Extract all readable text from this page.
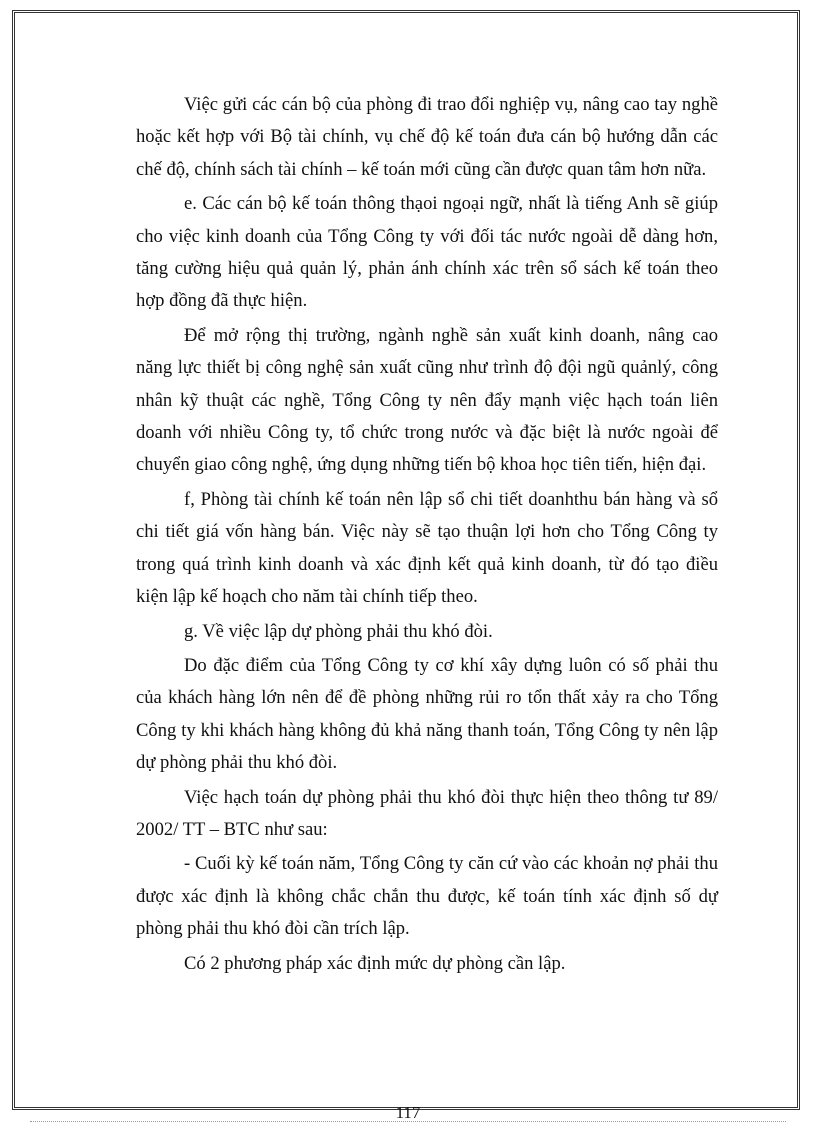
Việc gửi các cán bộ của phòng đi trao đổi nghiệp vụ, nâng cao tay nghề hoặc kết hợp với Bộ tài chính, vụ chế độ kế toán đưa cán bộ hướng dẫn các chế độ, chính sách tài chính – kế toán mới cũng cần được quan tâm hơn nữa.

e. Các cán bộ kế toán thông thạoi ngoại ngữ, nhất là tiếng Anh sẽ giúp cho việc kinh doanh của Tổng Công ty với đối tác nước ngoài dễ dàng hơn, tăng cường hiệu quả quản lý, phản ánh chính xác trên sổ sách kế toán theo hợp đồng đã thực hiện.

Để mở rộng thị trường, ngành nghề sản xuất kinh doanh, nâng cao năng lực thiết bị công nghệ sản xuất cũng như trình độ đội ngũ quảnlý, công nhân kỹ thuật các nghề, Tổng Công ty nên đẩy mạnh việc hạch toán liên doanh với nhiều Công ty, tổ chức trong nước và đặc biệt là nước ngoài để chuyển giao công nghệ, ứng dụng những tiến bộ khoa học tiên tiến, hiện đại.

f, Phòng tài chính kế toán nên lập sổ chi tiết doanhthu bán hàng và sổ chi tiết giá vốn hàng bán. Việc này sẽ tạo thuận lợi hơn cho Tổng Công ty trong quá trình kinh doanh và xác định kết quả kinh doanh, từ đó tạo điều kiện lập kế hoạch cho năm tài chính tiếp theo.

g. Về việc lập dự phòng phải thu khó đòi.

Do đặc điểm của Tổng Công ty cơ khí xây dựng luôn có số phải thu của khách hàng lớn nên để đề phòng những rủi ro tổn thất xảy ra cho Tổng Công ty khi khách hàng không đủ khả năng thanh toán, Tổng Công ty nên lập dự phòng phải thu khó đòi.

Việc hạch toán dự phòng phải thu khó đòi thực hiện theo thông tư 89/ 2002/ TT – BTC như sau:

- Cuối kỳ kế toán năm, Tổng Công ty căn cứ vào các khoản nợ phải thu được xác định là không chắc chắn thu được, kế toán tính xác định số dự phòng phải thu khó đòi cần trích lập.

Có 2 phương pháp xác định mức dự phòng cần lập.

117
